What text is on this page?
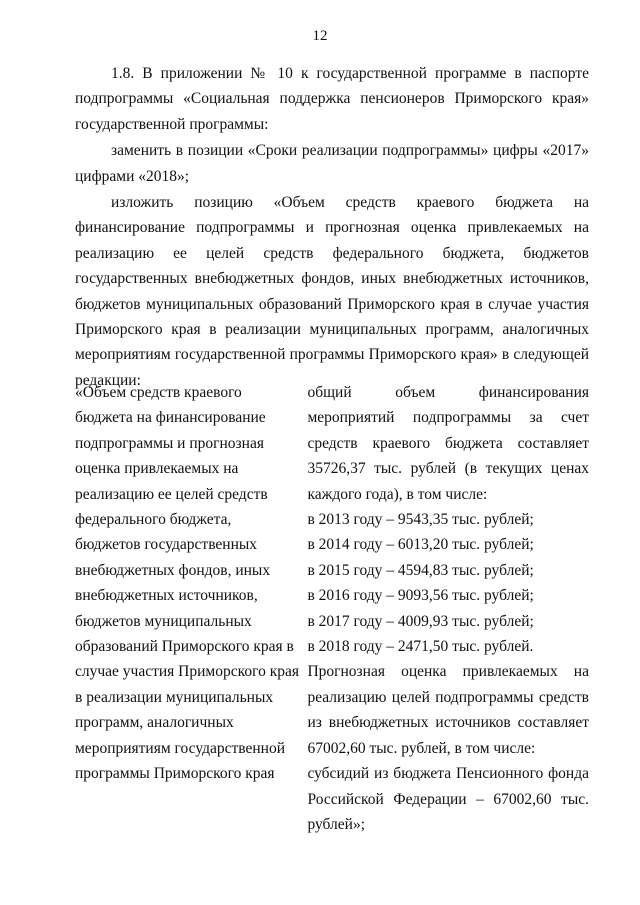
12

1.8. В приложении № 10 к государственной программе в паспорте подпрограммы «Социальная поддержка пенсионеров Приморского края» государственной программы:

заменить в позиции «Сроки реализации подпрограммы» цифры «2017» цифрами «2018»;

изложить позицию «Объем средств краевого бюджета на финансирование подпрограммы и прогнозная оценка привлекаемых на реализацию ее целей средств федерального бюджета, бюджетов государственных внебюджетных фондов, иных внебюджетных источников, бюджетов муниципальных образований Приморского края в случае участия Приморского края в реализации муниципальных программ, аналогичных мероприятиям государственной программы Приморского края» в следующей редакции:

«Объем средств краевого бюджета на финансирование подпрограммы и прогнозная оценка привлекаемых на реализацию ее целей средств федерального бюджета, бюджетов государственных внебюджетных фондов, иных внебюджетных источников, бюджетов муниципальных образований Приморского края в случае участия Приморского края в реализации муниципальных программ, аналогичных мероприятиям государственной программы Приморского края

общий объем финансирования мероприятий подпрограммы за счет средств краевого бюджета составляет 35726,37 тыс. рублей (в текущих ценах каждого года), в том числе:

в 2013 году – 9543,35 тыс. рублей;

в 2014 году – 6013,20 тыс. рублей;

в 2015 году – 4594,83 тыс. рублей;

в 2016 году – 9093,56 тыс. рублей;

в 2017 году – 4009,93 тыс. рублей;

в 2018 году – 2471,50 тыс. рублей.

Прогнозная оценка привлекаемых на реализацию целей подпрограммы средств из внебюджетных источников составляет 67002,60 тыс. рублей, в том числе:

субсидий из бюджета Пенсионного фонда Российской Федерации – 67002,60 тыс. рублей»;
